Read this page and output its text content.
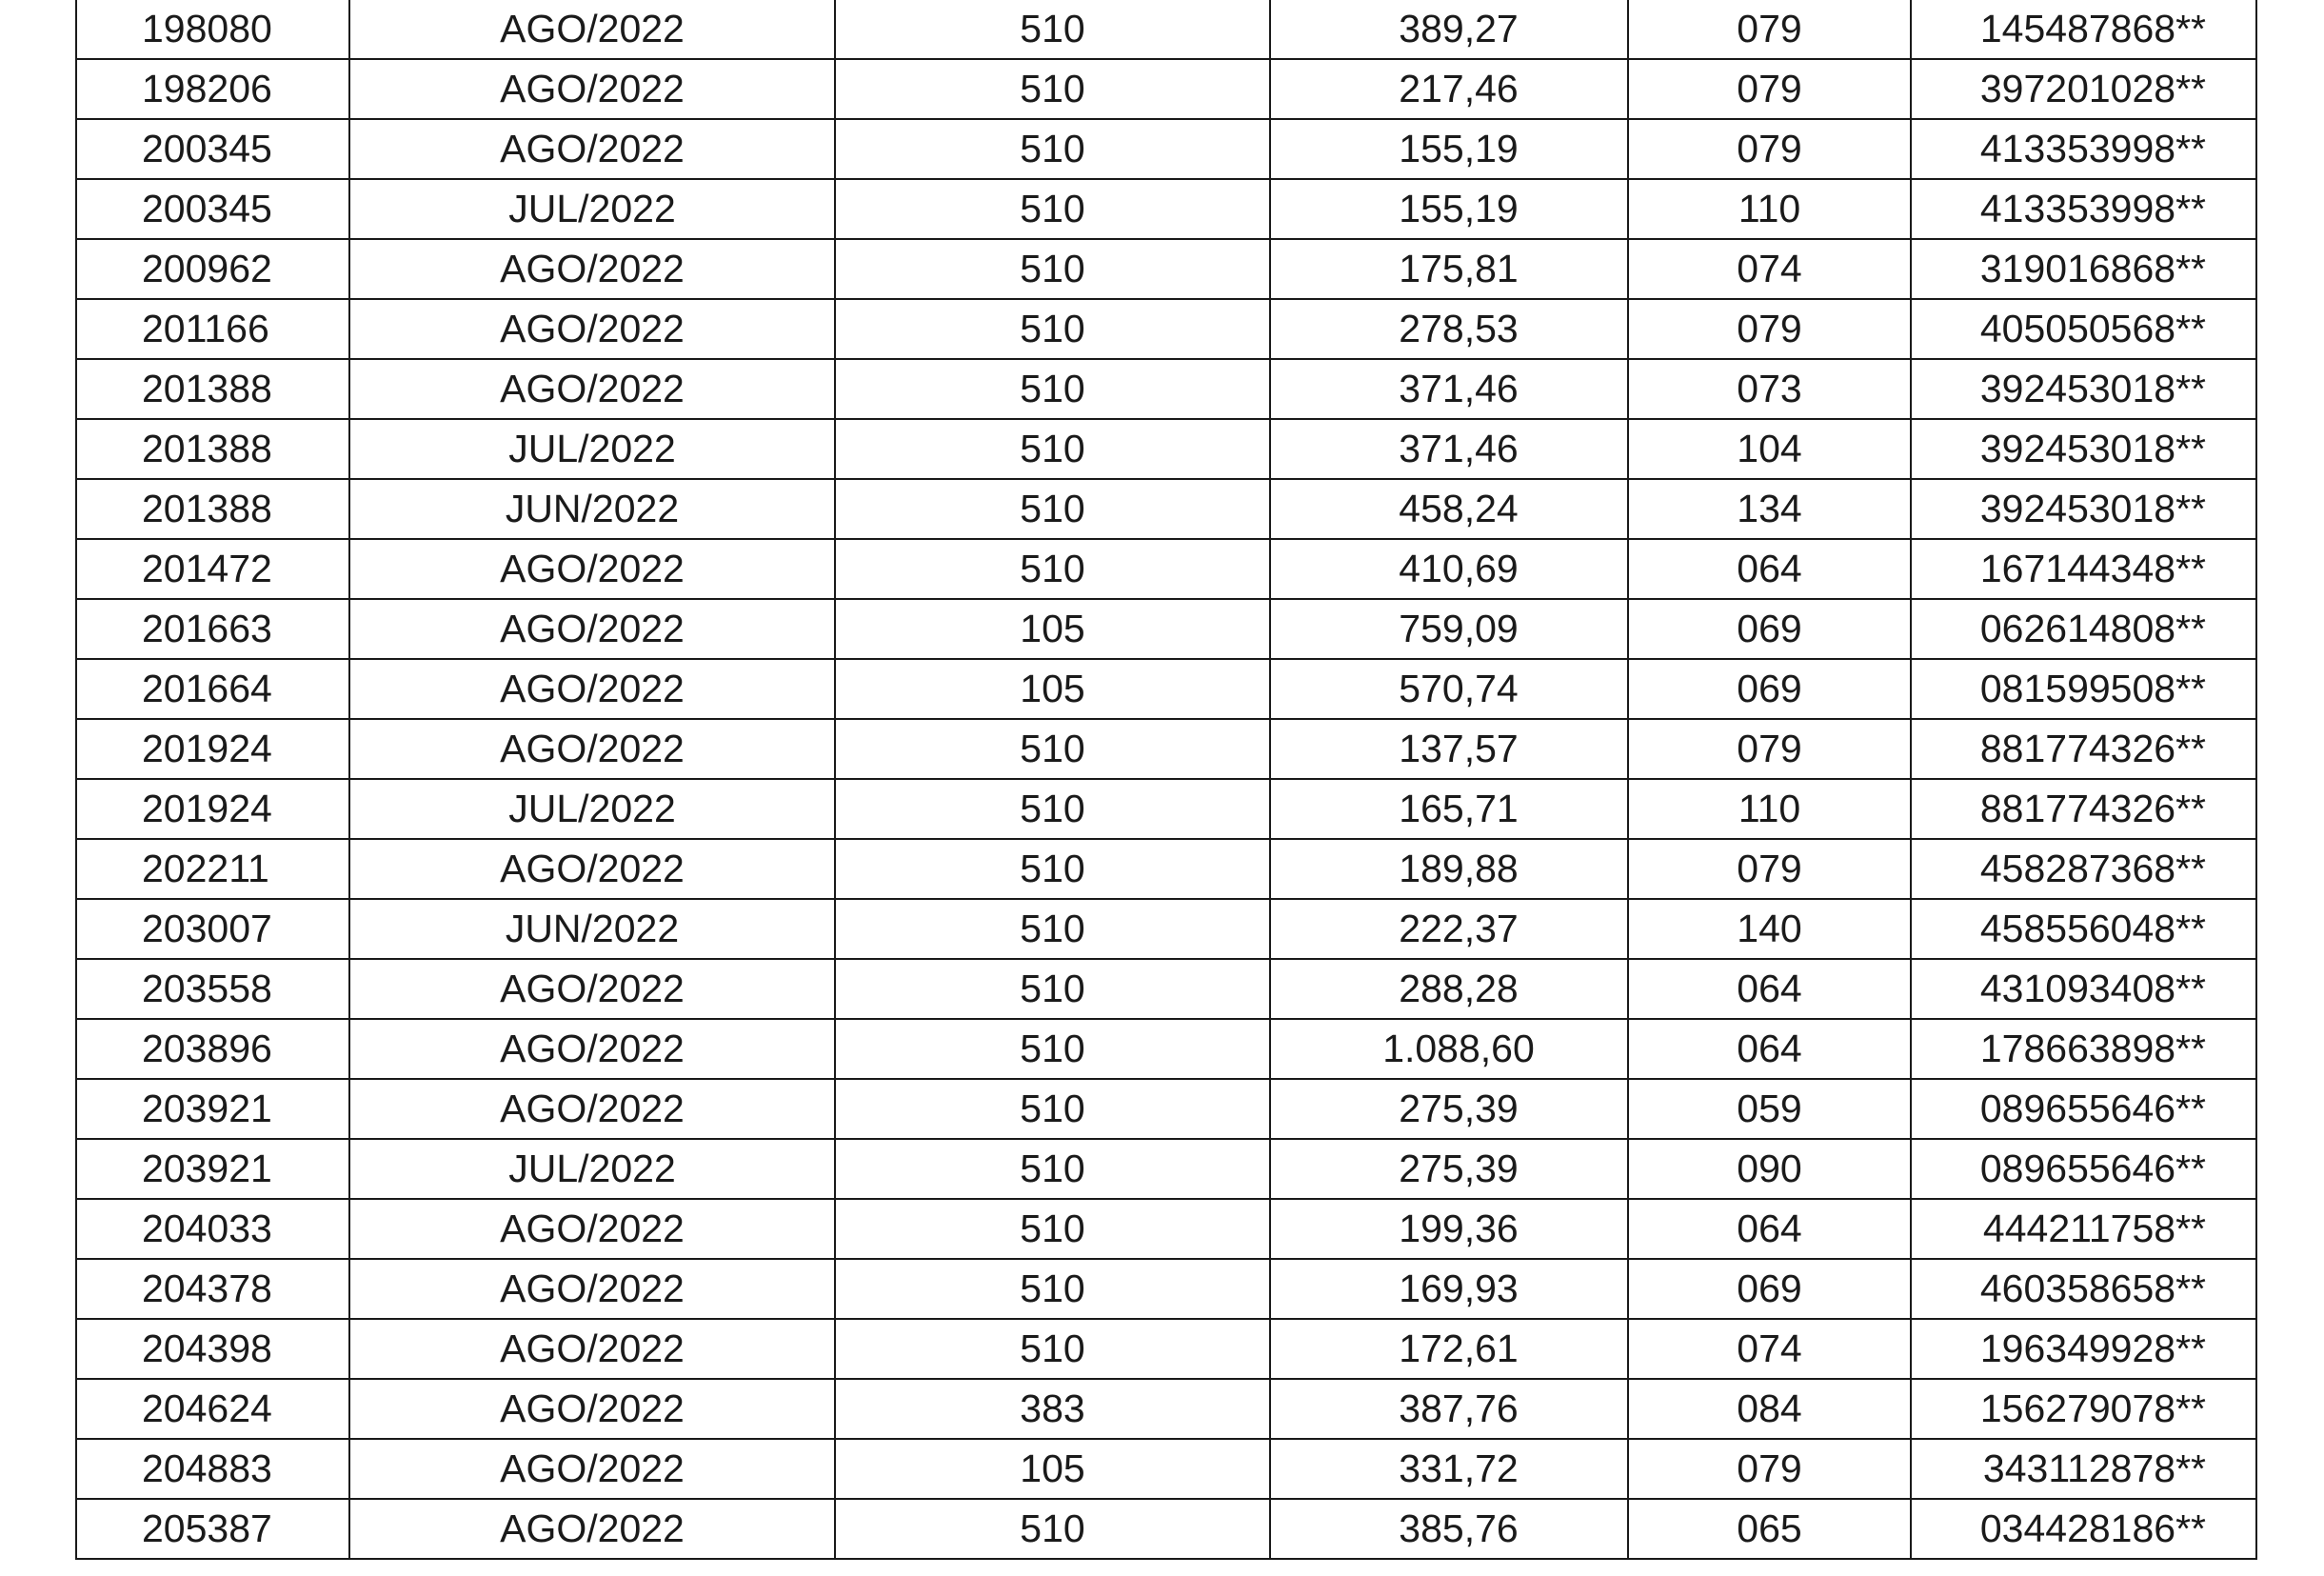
198080	AGO/2022	510	389,27	079	145487868**
198206	AGO/2022	510	217,46	079	397201028**
200345	AGO/2022	510	155,19	079	413353998**
200345	JUL/2022	510	155,19	110	413353998**
200962	AGO/2022	510	175,81	074	319016868**
201166	AGO/2022	510	278,53	079	405050568**
201388	AGO/2022	510	371,46	073	392453018**
201388	JUL/2022	510	371,46	104	392453018**
201388	JUN/2022	510	458,24	134	392453018**
201472	AGO/2022	510	410,69	064	167144348**
201663	AGO/2022	105	759,09	069	062614808**
201664	AGO/2022	105	570,74	069	081599508**
201924	AGO/2022	510	137,57	079	881774326**
201924	JUL/2022	510	165,71	110	881774326**
202211	AGO/2022	510	189,88	079	458287368**
203007	JUN/2022	510	222,37	140	458556048**
203558	AGO/2022	510	288,28	064	431093408**
203896	AGO/2022	510	1.088,60	064	178663898**
203921	AGO/2022	510	275,39	059	089655646**
203921	JUL/2022	510	275,39	090	089655646**
204033	AGO/2022	510	199,36	064	444211758**
204378	AGO/2022	510	169,93	069	460358658**
204398	AGO/2022	510	172,61	074	196349928**
204624	AGO/2022	383	387,76	084	156279078**
204883	AGO/2022	105	331,72	079	343112878**
205387	AGO/2022	510	385,76	065	034428186**
